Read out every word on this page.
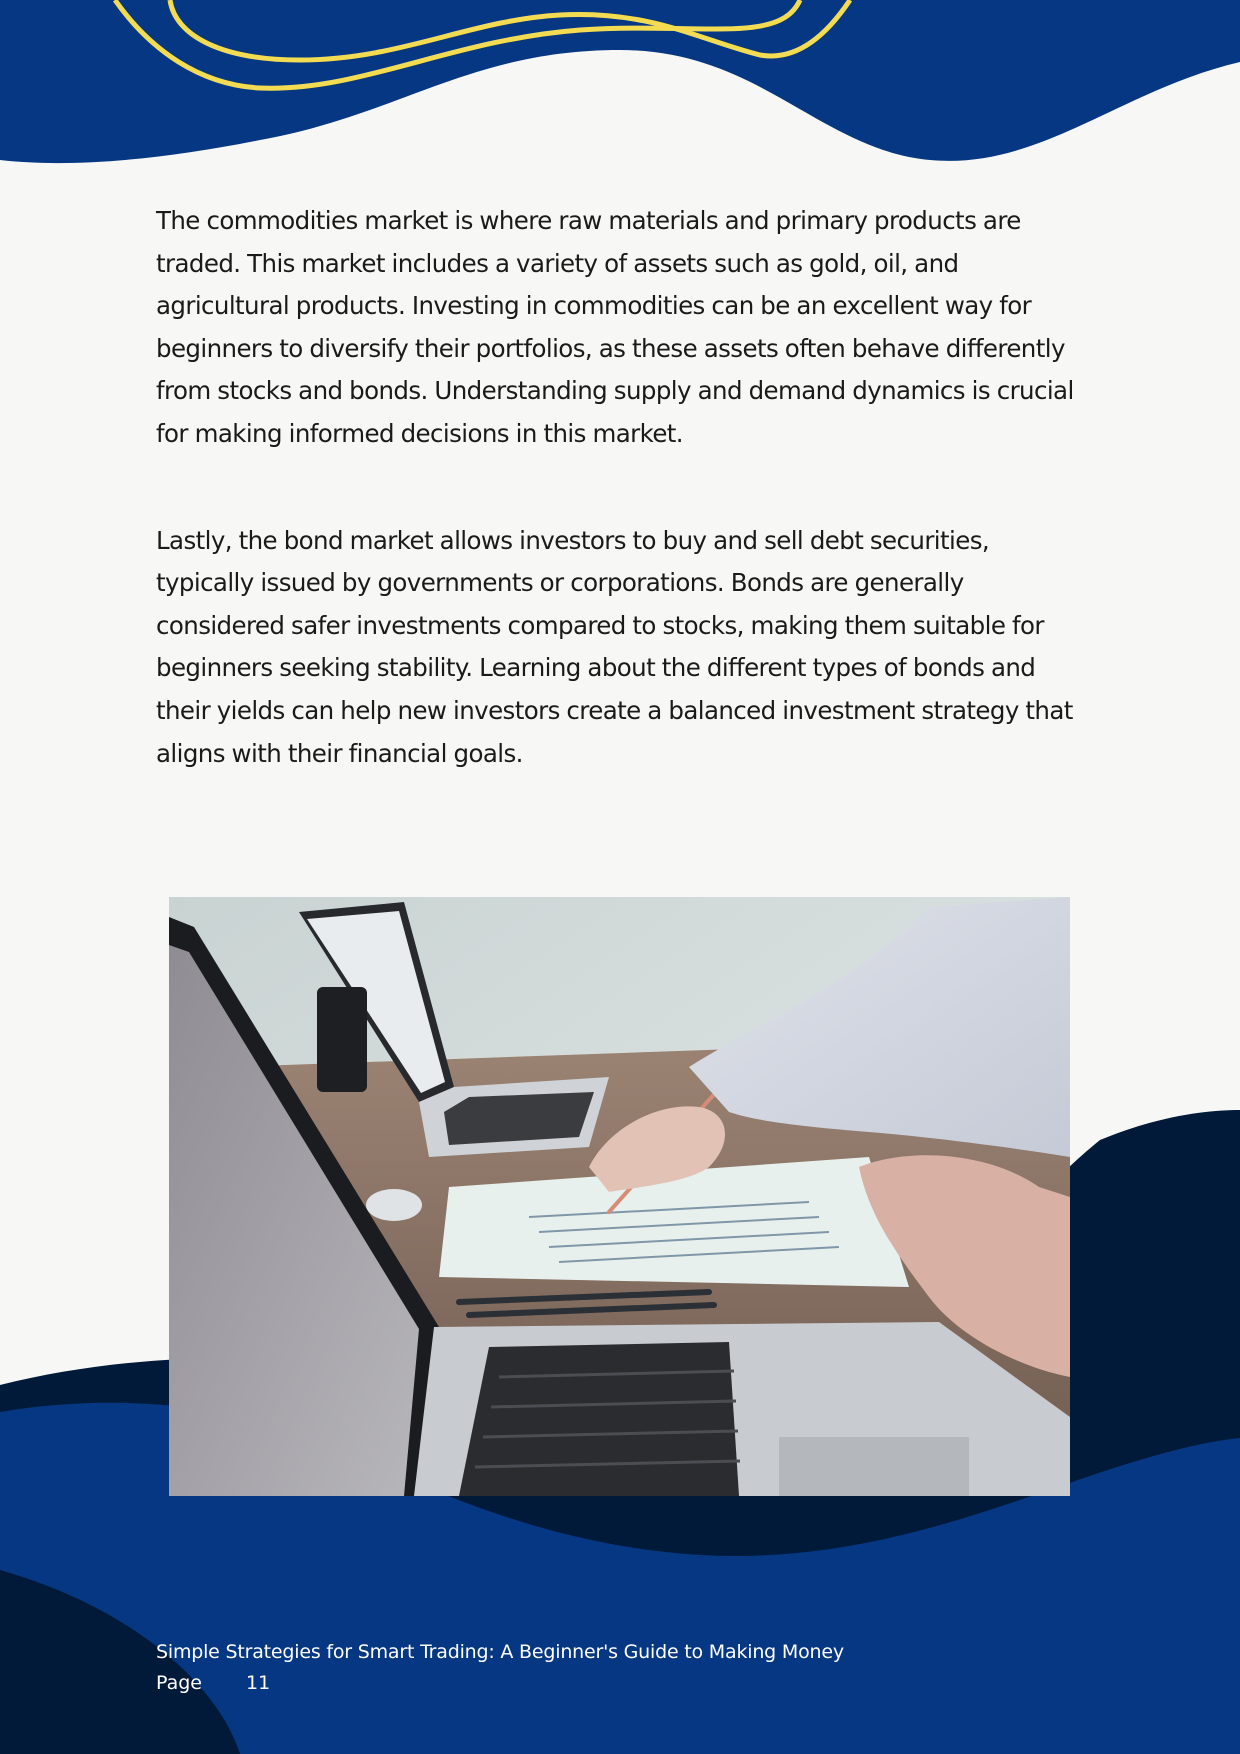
The commodities market is where raw materials and primary products are traded. This market includes a variety of assets such as gold, oil, and agricultural products. Investing in commodities can be an excellent way for beginners to diversify their portfolios, as these assets often behave differently from stocks and bonds. Understanding supply and demand dynamics is crucial for making informed decisions in this market.

Lastly, the bond market allows investors to buy and sell debt securities, typically issued by governments or corporations. Bonds are generally considered safer investments compared to stocks, making them suitable for beginners seeking stability. Learning about the different types of bonds and their yields can help new investors create a balanced investment strategy that aligns with their financial goals.

Simple Strategies for Smart Trading: A Beginner's Guide to Making Money
Page 11
